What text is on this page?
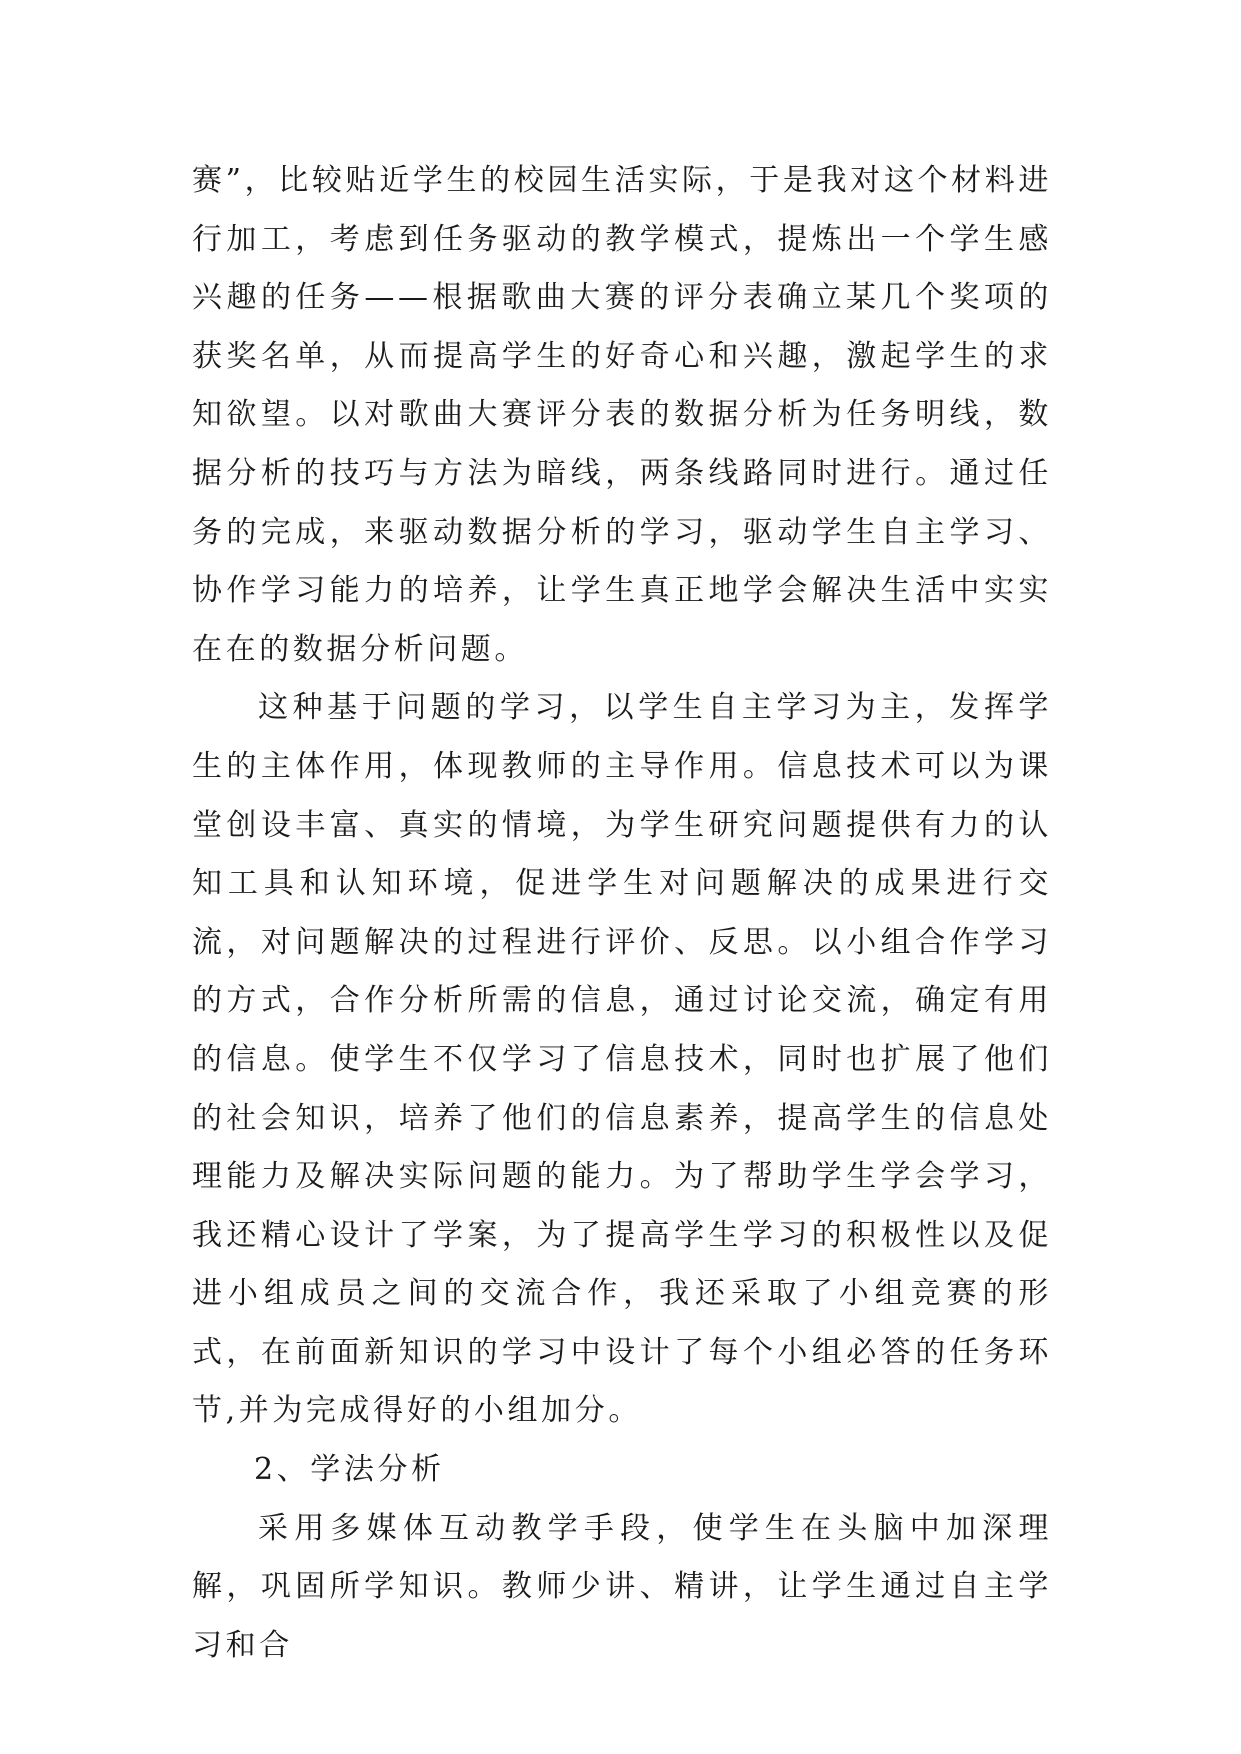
赛”，比较贴近学生的校园生活实际，于是我对这个材料进行加工，考虑到任务驱动的教学模式，提炼出一个学生感兴趣的任务——根据歌曲大赛的评分表确立某几个奖项的获奖名单，从而提高学生的好奇心和兴趣，激起学生的求知欲望。以对歌曲大赛评分表的数据分析为任务明线，数据分析的技巧与方法为暗线，两条线路同时进行。通过任务的完成，来驱动数据分析的学习，驱动学生自主学习、协作学习能力的培养，让学生真正地学会解决生活中实实在在的数据分析问题。

这种基于问题的学习，以学生自主学习为主，发挥学生的主体作用，体现教师的主导作用。信息技术可以为课堂创设丰富、真实的情境，为学生研究问题提供有力的认知工具和认知环境，促进学生对问题解决的成果进行交流，对问题解决的过程进行评价、反思。以小组合作学习的方式，合作分析所需的信息，通过讨论交流，确定有用的信息。使学生不仅学习了信息技术，同时也扩展了他们的社会知识，培养了他们的信息素养，提高学生的信息处理能力及解决实际问题的能力。为了帮助学生学会学习，我还精心设计了学案，为了提高学生学习的积极性以及促进小组成员之间的交流合作，我还采取了小组竞赛的形式，在前面新知识的学习中设计了每个小组必答的任务环节,并为完成得好的小组加分。

2、学法分析

采用多媒体互动教学手段，使学生在头脑中加深理解，巩固所学知识。教师少讲、精讲，让学生通过自主学习和合
